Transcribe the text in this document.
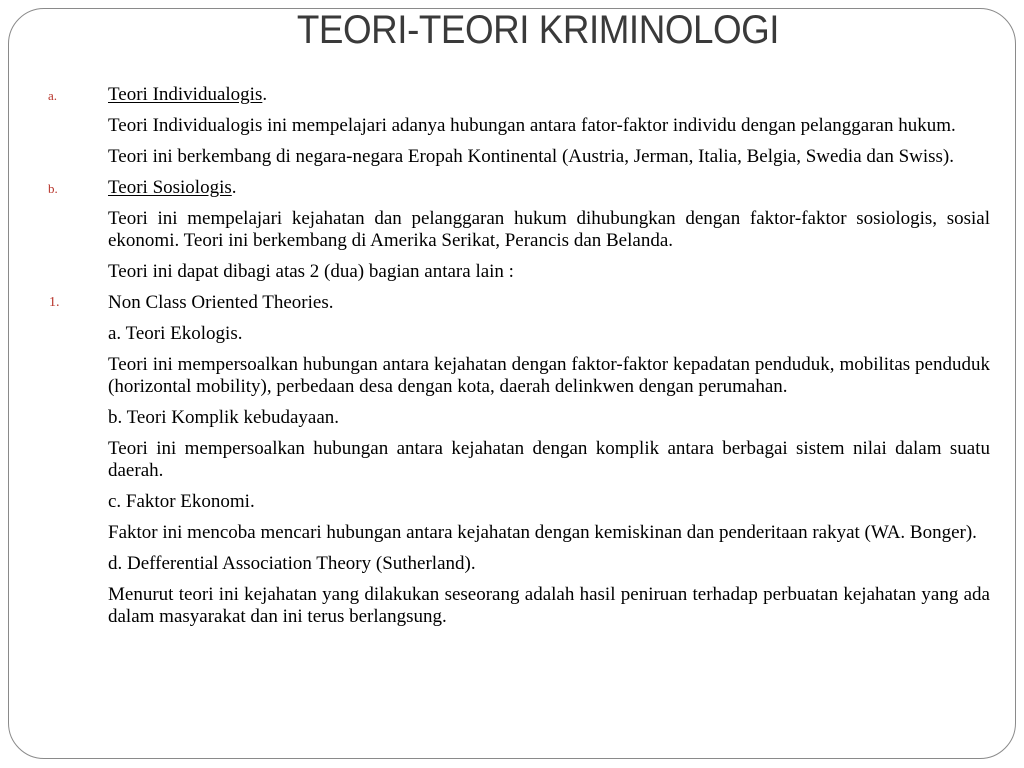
TEORI-TEORI KRIMINOLOGI

a.	Teori Individualogis.

Teori Individualogis ini mempelajari adanya hubungan antara fator-faktor individu dengan pelanggaran hukum.

Teori ini berkembang di negara-negara Eropah Kontinental (Austria, Jerman, Italia, Belgia, Swedia dan Swiss).

b.	Teori Sosiologis.

Teori ini mempelajari kejahatan dan pelanggaran hukum dihubungkan dengan faktor-faktor sosiologis, sosial ekonomi. Teori ini berkembang di Amerika Serikat, Perancis dan Belanda.

Teori ini dapat dibagi atas 2 (dua) bagian antara lain :

1.	Non Class Oriented Theories.

a. Teori Ekologis.

Teori ini mempersoalkan hubungan antara kejahatan dengan faktor-faktor kepadatan penduduk, mobilitas penduduk (horizontal mobility), perbedaan desa dengan kota, daerah delinkwen dengan perumahan.

b. Teori Komplik kebudayaan.

Teori ini mempersoalkan hubungan antara kejahatan dengan komplik antara berbagai sistem nilai dalam suatu daerah.

c. Faktor Ekonomi.

Faktor ini mencoba mencari hubungan antara kejahatan dengan kemiskinan dan penderitaan rakyat (WA. Bonger).

d. Defferential Association Theory (Sutherland).

Menurut teori ini kejahatan yang dilakukan seseorang adalah hasil peniruan terhadap perbuatan kejahatan yang ada dalam masyarakat dan ini terus berlangsung.
